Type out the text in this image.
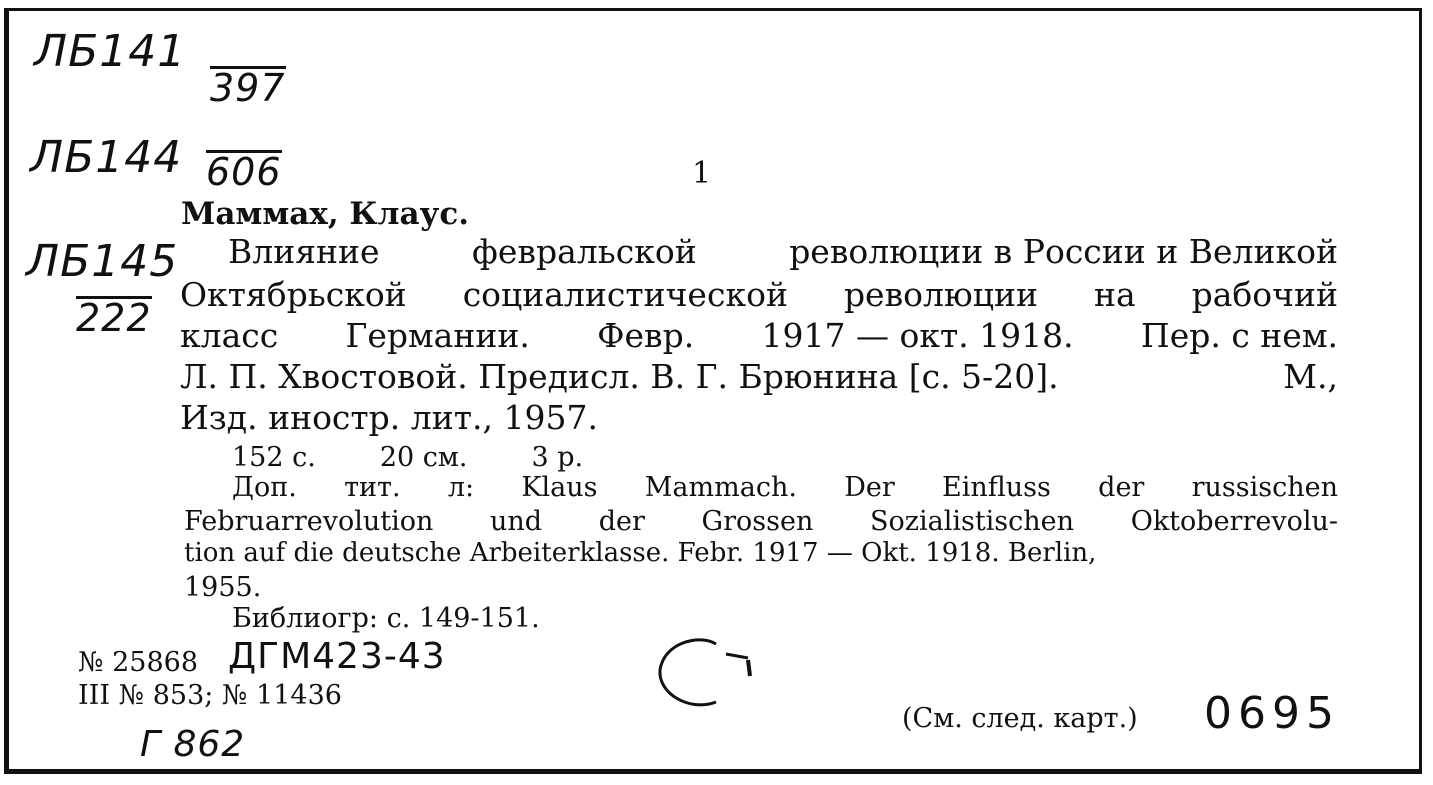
ЛБ141
397
ЛБ144 606
ЛБ145
222
1
Маммах, Клаус.
Влияние	февральской	революции в России и Великой
Октябрьской социалистической революции на рабочий
класс Германии. Февр. 1917 — окт. 1918. Пер. с нем.
Л. П. Хвостовой. Предисл. В. Г. Брюнина [с. 5-20].	М.,
Изд. иностр. лит., 1957.
152 с. 20 см. 3 р.
Доп. тит. л: Klaus Mammach. Der Einfluss der russischen
Februarrevolution und der Grossen Sozialistischen Oktoberrevolu-
tion auf die deutsche Arbeiterklasse. Febr. 1917 — Okt. 1918. Berlin,
1955.
Библиогр: с. 149-151.
№ 25868 ДГМ423-43
III № 853; № 11436
Г 862
(См. след. карт.) 0695
